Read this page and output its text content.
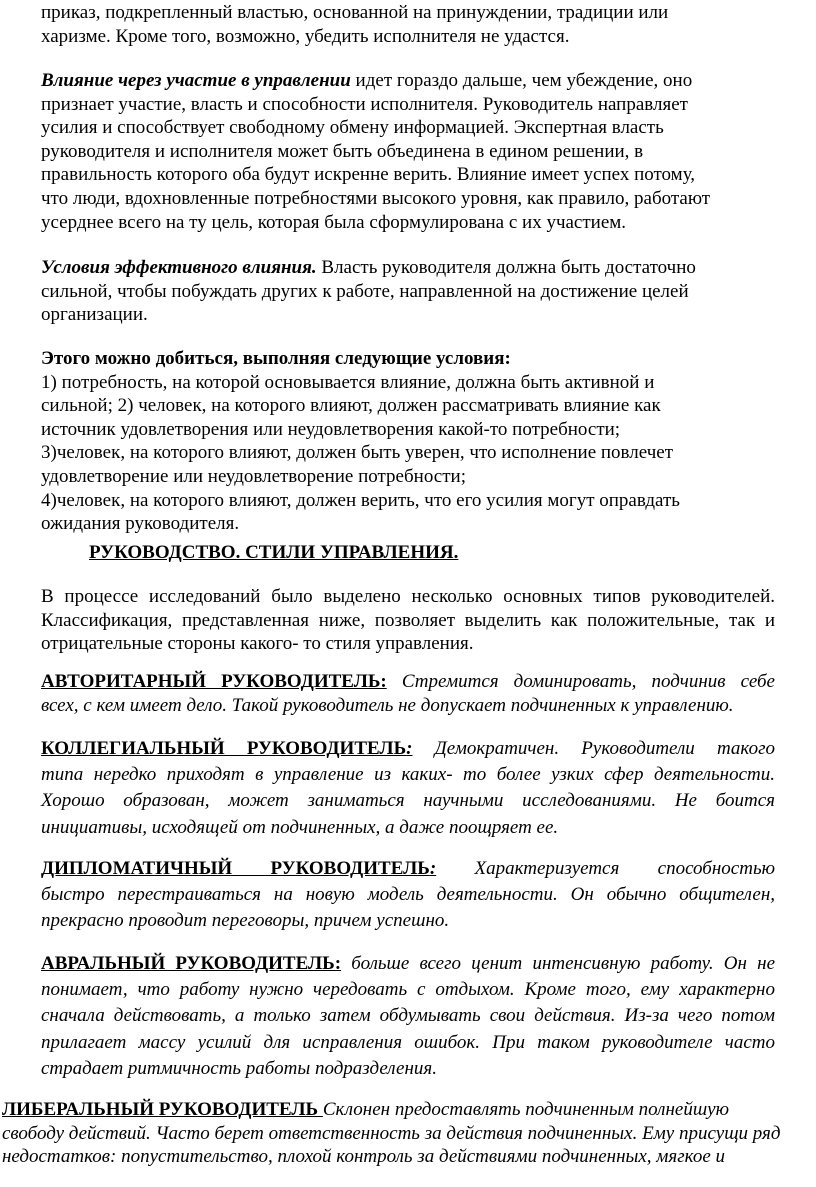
приказ, подкрепленный властью, основанной на принуждении, традиции или
харизме. Кроме того, возможно, убедить исполнителя не удастся.
Влияние через участие в управлении идет гораздо дальше, чем убеждение, оно
признает участие, власть и способности исполнителя. Руководитель направляет
усилия и способствует свободному обмену информацией. Экспертная власть
руководителя и исполнителя может быть объединена в едином решении, в
правильность которого оба будут искренне верить. Влияние имеет успех потому,
что люди, вдохновленные потребностями высокого уровня, как правило, работают
усерднее всего на ту цель, которая была сформулирована с их участием.
Условия эффективного влияния. Власть руководителя должна быть достаточно
сильной, чтобы побуждать других к работе, направленной на достижение целей
организации.
Этого можно добиться, выполняя следующие условия:
1) потребность, на которой основывается влияние, должна быть активной и
сильной; 2) человек, на которого влияют, должен рассматривать влияние как
источник удовлетворения или неудовлетворения какой-то потребности;
3)человек, на которого влияют, должен быть уверен, что исполнение повлечет
удовлетворение или неудовлетворение потребности;
4)человек, на которого влияют, должен верить, что его усилия могут оправдать
ожидания руководителя.
РУКОВОДСТВО. СТИЛИ УПРАВЛЕНИЯ.
В процессе исследований было выделено несколько основных типов руководителей.
Классификация, представленная ниже, позволяет выделить как положительные, так и
отрицательные стороны какого- то стиля управления.
АВТОРИТАРНЫЙ РУКОВОДИТЕЛЬ: Стремится доминировать, подчинив себе
всех, с кем имеет дело. Такой руководитель не допускает подчиненных к управлению.
КОЛЛЕГИАЛЬНЫЙ РУКОВОДИТЕЛЬ: Демократичен. Руководители такого
типа нередко приходят в управление из каких- то более узких сфер деятельности.
Хорошо образован, может заниматься научными исследованиями. Не боится
инициативы, исходящей от подчиненных, а даже поощряет ее.
ДИПЛОМАТИЧНЫЙ РУКОВОДИТЕЛЬ: Характеризуется способностью
быстро перестраиваться на новую модель деятельности. Он обычно общителен,
прекрасно проводит переговоры, причем успешно.
АВРАЛЬНЫЙ РУКОВОДИТЕЛЬ: больше всего ценит интенсивную работу. Он не
понимает, что работу нужно чередовать с отдыхом. Кроме того, ему характерно
сначала действовать, а только затем обдумывать свои действия. Из-за чего потом
прилагает массу усилий для исправления ошибок. При таком руководителе часто
страдает ритмичность работы подразделения.
ЛИБЕРАЛЬНЫЙ РУКОВОДИТЕЛЬ Склонен предоставлять подчиненным полнейшую
свободу действий. Часто берет ответственность за действия подчиненных. Ему присущи ряд
недостатков: попустительство, плохой контроль за действиями подчиненных, мягкое и
